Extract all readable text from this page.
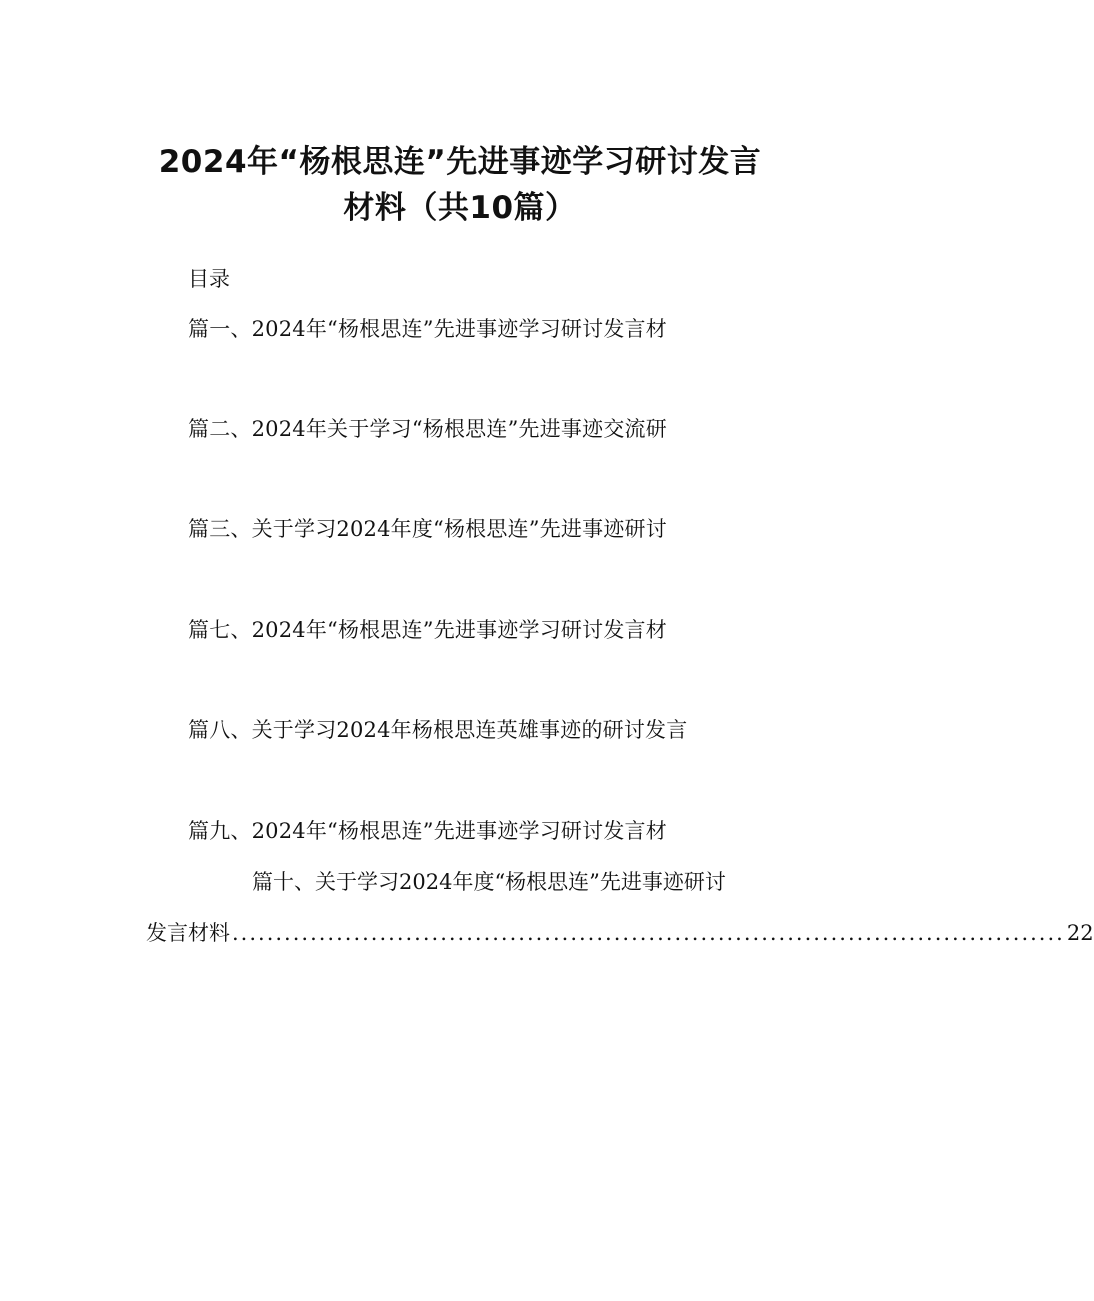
2024年“杨根思连”先进事迹学习研讨发言
材料（共10篇）
目录
篇一、2024年“杨根思连”先进事迹学习研讨发言材
篇二、2024年关于学习“杨根思连”先进事迹交流研
篇三、关于学习2024年度“杨根思连”先进事迹研讨
篇七、2024年“杨根思连”先进事迹学习研讨发言材
篇八、关于学习2024年杨根思连英雄事迹的研讨发言
篇九、2024年“杨根思连”先进事迹学习研讨发言材
篇十、关于学习2024年度“杨根思连”先进事迹研讨
发言材料 ................................................................................................ 22
